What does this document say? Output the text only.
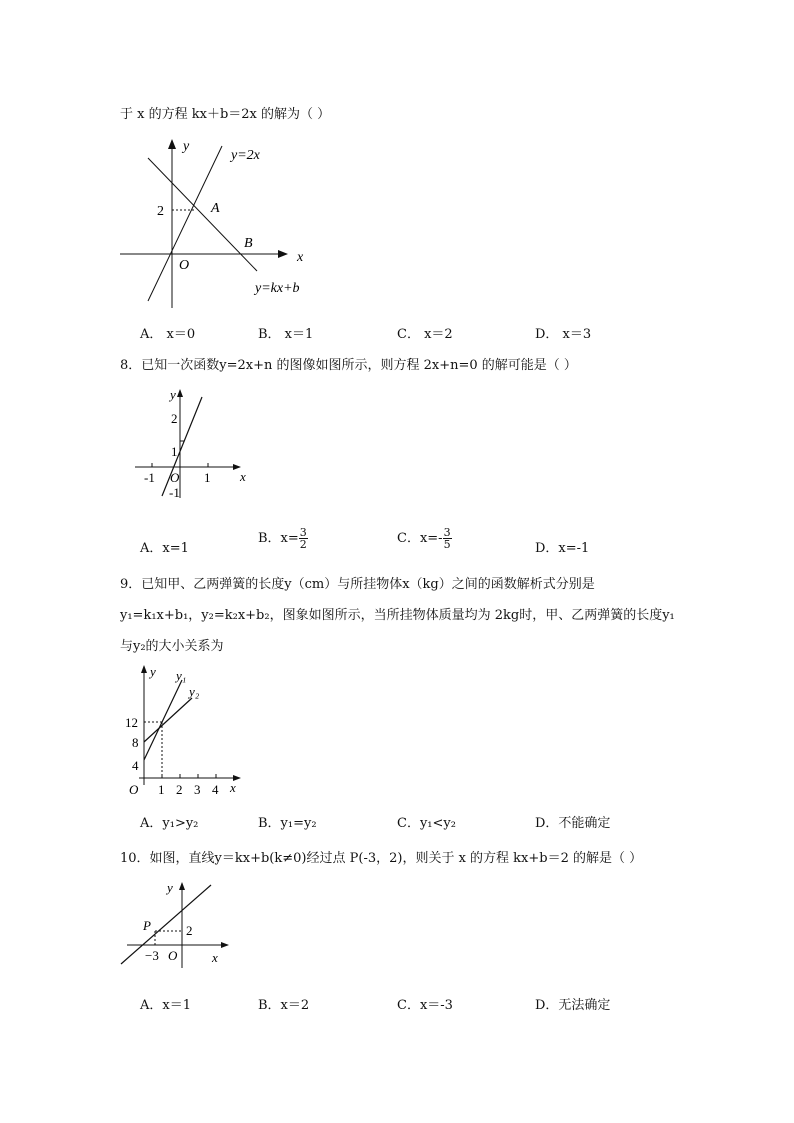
于 x 的方程 kx＋b＝2x 的解为（ ）
y
x
O
2
y=2x
y=kx+b
A
B
A． x＝0	B． x＝1	C． x＝2	D． x＝3
8．已知一次函数y=2x+n 的图像如图所示，则方程 2x+n=0 的解可能是（ ）
y
x
O
2
1
-1
-1	1
A．x=1
B．$x= \frac{3}{2}$	C．$x=- \frac{3}{5}$	D．x=-1
9．已知甲、乙两弹簧的长度y（cm）与所挂物体x（kg）之间的函数解析式分别是
y₁=k₁x+b₁，y₂=k₂x+b₂，图象如图所示，当所挂物体质量均为 2kg时，甲、乙两弹簧的长度y₁
与y₂的大小关系为
y
x
O
12
8
4
1 2 3 4
y₁
y₂
A．y₁>y₂	B．y₁=y₂	C．y₁<y₂	D．不能确定
10．如图，直线y＝kx+b(k≠0)经过点 P(-3，2)，则关于 x 的方程 kx+b＝2 的解是（ ）
y
x
O
P	2
−3
A．x＝1	B．x＝2	C．x＝-3	D．无法确定
